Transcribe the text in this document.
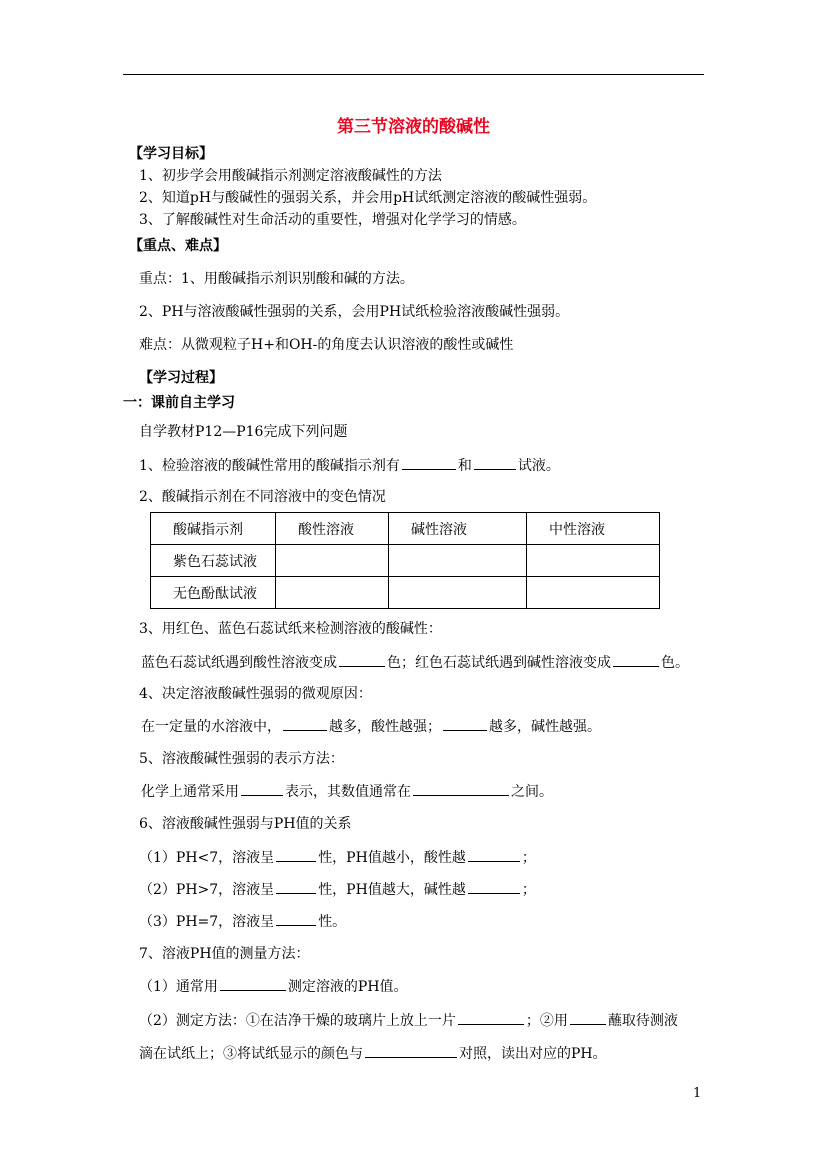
第三节溶液的酸碱性
【学习目标】
1、初步学会用酸碱指示剂测定溶液酸碱性的方法
2、知道pH与酸碱性的强弱关系，并会用pH试纸测定溶液的酸碱性强弱。
3、了解酸碱性对生命活动的重要性，增强对化学学习的情感。
【重点、难点】
重点：1、用酸碱指示剂识别酸和碱的方法。
2、PH与溶液酸碱性强弱的关系，会用PH试纸检验溶液酸碱性强弱。
难点：从微观粒子H+和OH-的角度去认识溶液的酸性或碱性
【学习过程】
一：课前自主学习
自学教材P12—P16完成下列问题
1、检验溶液的酸碱性常用的酸碱指示剂有	和	试液。
2、酸碱指示剂在不同溶液中的变色情况
酸碱指示剂	酸性溶液	碱性溶液	中性溶液
紫色石蕊试液			
无色酚酞试液			
3、用红色、蓝色石蕊试纸来检测溶液的酸碱性：
蓝色石蕊试纸遇到酸性溶液变成	色；红色石蕊试纸遇到碱性溶液变成	色。
4、决定溶液酸碱性强弱的微观原因：
在一定量的水溶液中，	越多，酸性越强；	越多，碱性越强。
5、溶液酸碱性强弱的表示方法：
化学上通常采用	表示，其数值通常在	之间。
6、溶液酸碱性强弱与PH值的关系
（1）PH<7，溶液呈	性，PH值越小，酸性越	；
（2）PH>7，溶液呈	性，PH值越大，碱性越	；
（3）PH=7，溶液呈	性。
7、溶液PH值的测量方法：
（1）通常用	测定溶液的PH值。
（2）测定方法：①在洁净干燥的玻璃片上放上一片	；②用	蘸取待测液
滴在试纸上；③将试纸显示的颜色与	对照，读出对应的PH。
1
